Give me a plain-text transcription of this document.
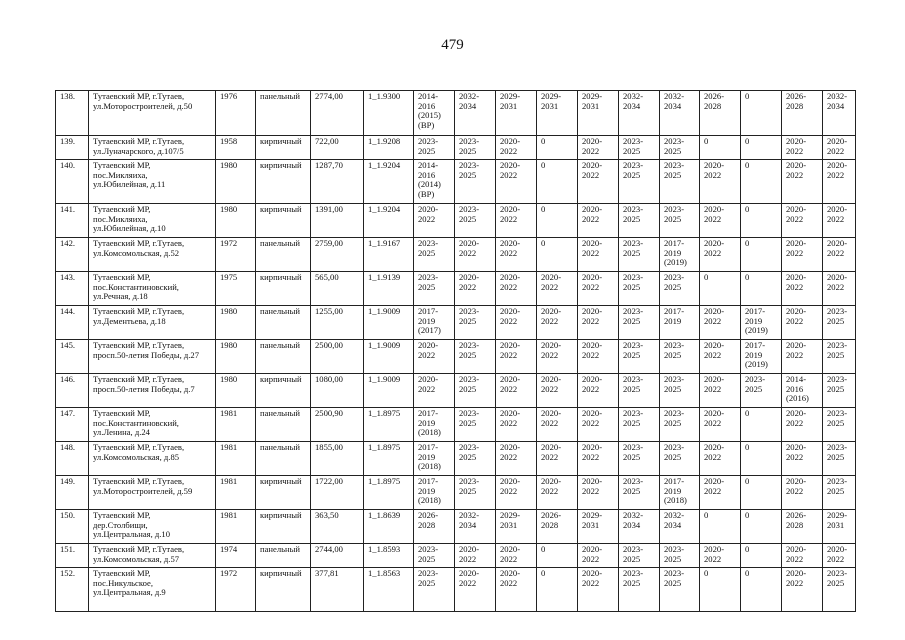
479
138.	Тутаевский МР, г.Тутаев,
ул.Моторостроителей, д.50	1976	панельный	2774,00	1_1.9300	2014-
2016
(2015)
(ВР)	2032-
2034	2029-
2031	2029-
2031	2029-
2031	2032-
2034	2032-
2034	2026-
2028	0	2026-
2028	2032-
2034
139.	Тутаевский МР, г.Тутаев,
ул.Луначарского, д.107/5	1958	кирпичный	722,00	1_1.9208	2023-
2025	2023-
2025	2020-
2022	0	2020-
2022	2023-
2025	2023-
2025	0	0	2020-
2022	2020-
2022
140.	Тутаевский МР,
пос.Микляиха,
ул.Юбилейная, д.11	1980	кирпичный	1287,70	1_1.9204	2014-
2016
(2014)
(ВР)	2023-
2025	2020-
2022	0	2020-
2022	2023-
2025	2023-
2025	2020-
2022	0	2020-
2022	2020-
2022
141.	Тутаевский МР,
пос.Микляиха,
ул.Юбилейная, д.10	1980	кирпичный	1391,00	1_1.9204	2020-
2022	2023-
2025	2020-
2022	0	2020-
2022	2023-
2025	2023-
2025	2020-
2022	0	2020-
2022	2020-
2022
142.	Тутаевский МР, г.Тутаев,
ул.Комсомольская, д.52	1972	панельный	2759,00	1_1.9167	2023-
2025	2020-
2022	2020-
2022	0	2020-
2022	2023-
2025	2017-
2019
(2019)	2020-
2022	0	2020-
2022	2020-
2022
143.	Тутаевский МР,
пос.Константиновский,
ул.Речная, д.18	1975	кирпичный	565,00	1_1.9139	2023-
2025	2020-
2022	2020-
2022	2020-
2022	2020-
2022	2023-
2025	2023-
2025	0	0	2020-
2022	2020-
2022
144.	Тутаевский МР, г.Тутаев,
ул.Дементьева, д.18	1980	панельный	1255,00	1_1.9009	2017-
2019
(2017)	2023-
2025	2020-
2022	2020-
2022	2020-
2022	2023-
2025	2017-
2019	2020-
2022	2017-
2019
(2019)	2020-
2022	2023-
2025
145.	Тутаевский МР, г.Тутаев,
просп.50-летия Победы, д.27	1980	панельный	2500,00	1_1.9009	2020-
2022	2023-
2025	2020-
2022	2020-
2022	2020-
2022	2023-
2025	2023-
2025	2020-
2022	2017-
2019
(2019)	2020-
2022	2023-
2025
146.	Тутаевский МР, г.Тутаев,
просп.50-летия Победы, д.7	1980	кирпичный	1080,00	1_1.9009	2020-
2022	2023-
2025	2020-
2022	2020-
2022	2020-
2022	2023-
2025	2023-
2025	2020-
2022	2023-
2025	2014-
2016
(2016)	2023-
2025
147.	Тутаевский МР,
пос.Константиновский,
ул.Ленина, д.24	1981	панельный	2500,90	1_1.8975	2017-
2019
(2018)	2023-
2025	2020-
2022	2020-
2022	2020-
2022	2023-
2025	2023-
2025	2020-
2022	0	2020-
2022	2023-
2025
148.	Тутаевский МР, г.Тутаев,
ул.Комсомольская, д.85	1981	панельный	1855,00	1_1.8975	2017-
2019
(2018)	2023-
2025	2020-
2022	2020-
2022	2020-
2022	2023-
2025	2023-
2025	2020-
2022	0	2020-
2022	2023-
2025
149.	Тутаевский МР, г.Тутаев,
ул.Моторостроителей, д.59	1981	кирпичный	1722,00	1_1.8975	2017-
2019
(2018)	2023-
2025	2020-
2022	2020-
2022	2020-
2022	2023-
2025	2017-
2019
(2018)	2020-
2022	0	2020-
2022	2023-
2025
150.	Тутаевский МР,
дер.Столбищи,
ул.Центральная, д.10	1981	кирпичный	363,50	1_1.8639	2026-
2028	2032-
2034	2029-
2031	2026-
2028	2029-
2031	2032-
2034	2032-
2034	0	0	2026-
2028	2029-
2031
151.	Тутаевский МР, г.Тутаев,
ул.Комсомольская, д.57	1974	панельный	2744,00	1_1.8593	2023-
2025	2020-
2022	2020-
2022	0	2020-
2022	2023-
2025	2023-
2025	2020-
2022	0	2020-
2022	2020-
2022
152.	Тутаевский МР,
пос.Никульское,
ул.Центральная, д.9	1972	кирпичный	377,81	1_1.8563	2023-
2025	2020-
2022	2020-
2022	0	2020-
2022	2023-
2025	2023-
2025	0	0	2020-
2022	2023-
2025
